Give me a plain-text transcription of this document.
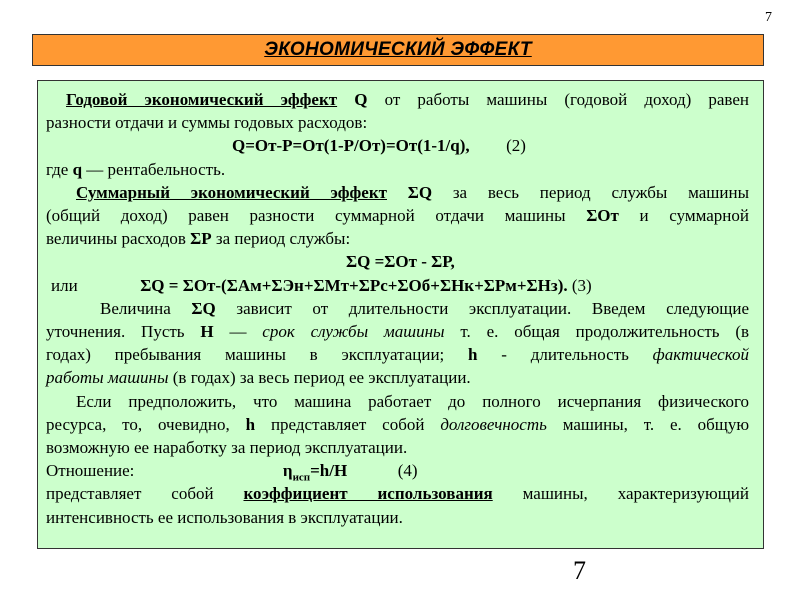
7
ЭКОНОМИЧЕСКИЙ ЭФФЕКТ
Годовой экономический эффект Q от работы машины (годовой доход) равен
разности отдачи и суммы годовых расходов:
Q=От-Р=От(1-Р/От)=От(1-1/q), (2)
где q — рентабельность.
Суммарный экономический эффект ΣQ за весь период службы машины
(общий доход) равен разности суммарной отдачи машины ΣОт и суммарной
величины расходов ΣР за период службы:
ΣQ =ΣОт - ΣР,
или	ΣQ = ΣОт-(ΣАм+ΣЭн+ΣМт+ΣРс+ΣОб+ΣНк+ΣРм+ΣНз). (3)
Величина ΣQ зависит от длительности эксплуатации. Введем следующие
уточнения. Пусть Н — срок службы машины т. е. общая продолжительность (в
годах) пребывания машины в эксплуатации; h - длительность фактической
работы машины (в годах) за весь период ее эксплуатации.
Если предположить, что машина работает до полного исчерпания физического
ресурса, то, очевидно, h представляет собой долговечность машины, т. е. общую
возможную ее наработку за период эксплуатации.
Отношение:	$\eta_{исп}=h/Н$	(4)
представляет собой коэффициент использования машины, характеризующий
интенсивность ее использования в эксплуатации.
7
